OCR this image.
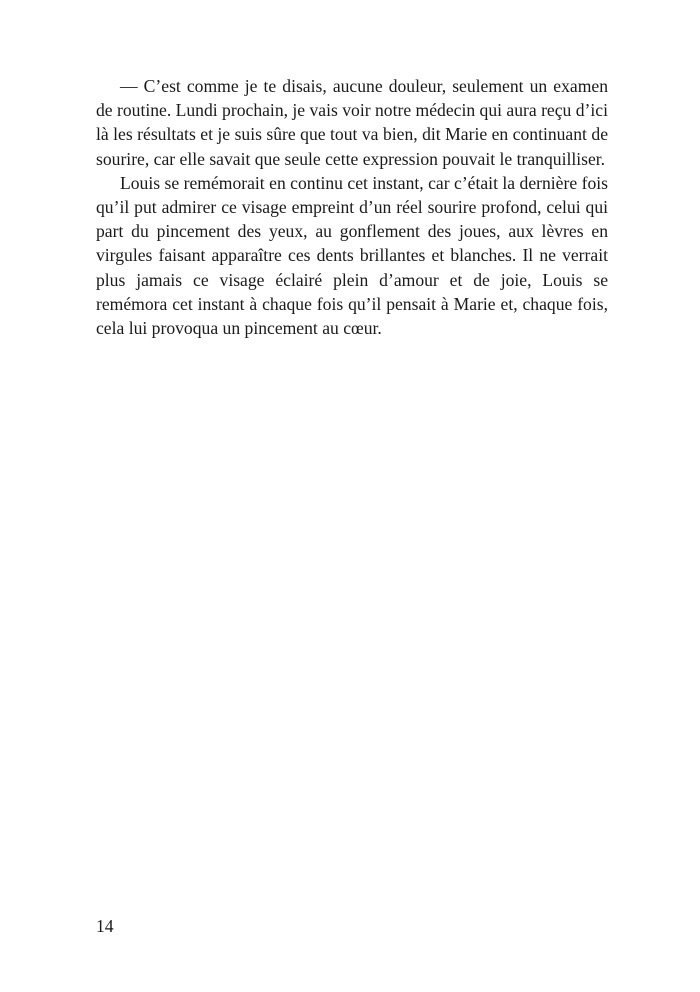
— C’est comme je te disais, aucune douleur, seulement un examen de routine. Lundi prochain, je vais voir notre médecin qui aura reçu d’ici là les résultats et je suis sûre que tout va bien, dit Marie en continuant de sourire, car elle savait que seule cette expression pouvait le tranquilliser.

Louis se remémorait en continu cet instant, car c’était la dernière fois qu’il put admirer ce visage empreint d’un réel sourire profond, celui qui part du pincement des yeux, au gonflement des joues, aux lèvres en virgules faisant apparaître ces dents brillantes et blanches. Il ne verrait plus jamais ce visage éclairé plein d’amour et de joie, Louis se remémora cet instant à chaque fois qu’il pensait à Marie et, chaque fois, cela lui provoqua un pincement au cœur.

14
